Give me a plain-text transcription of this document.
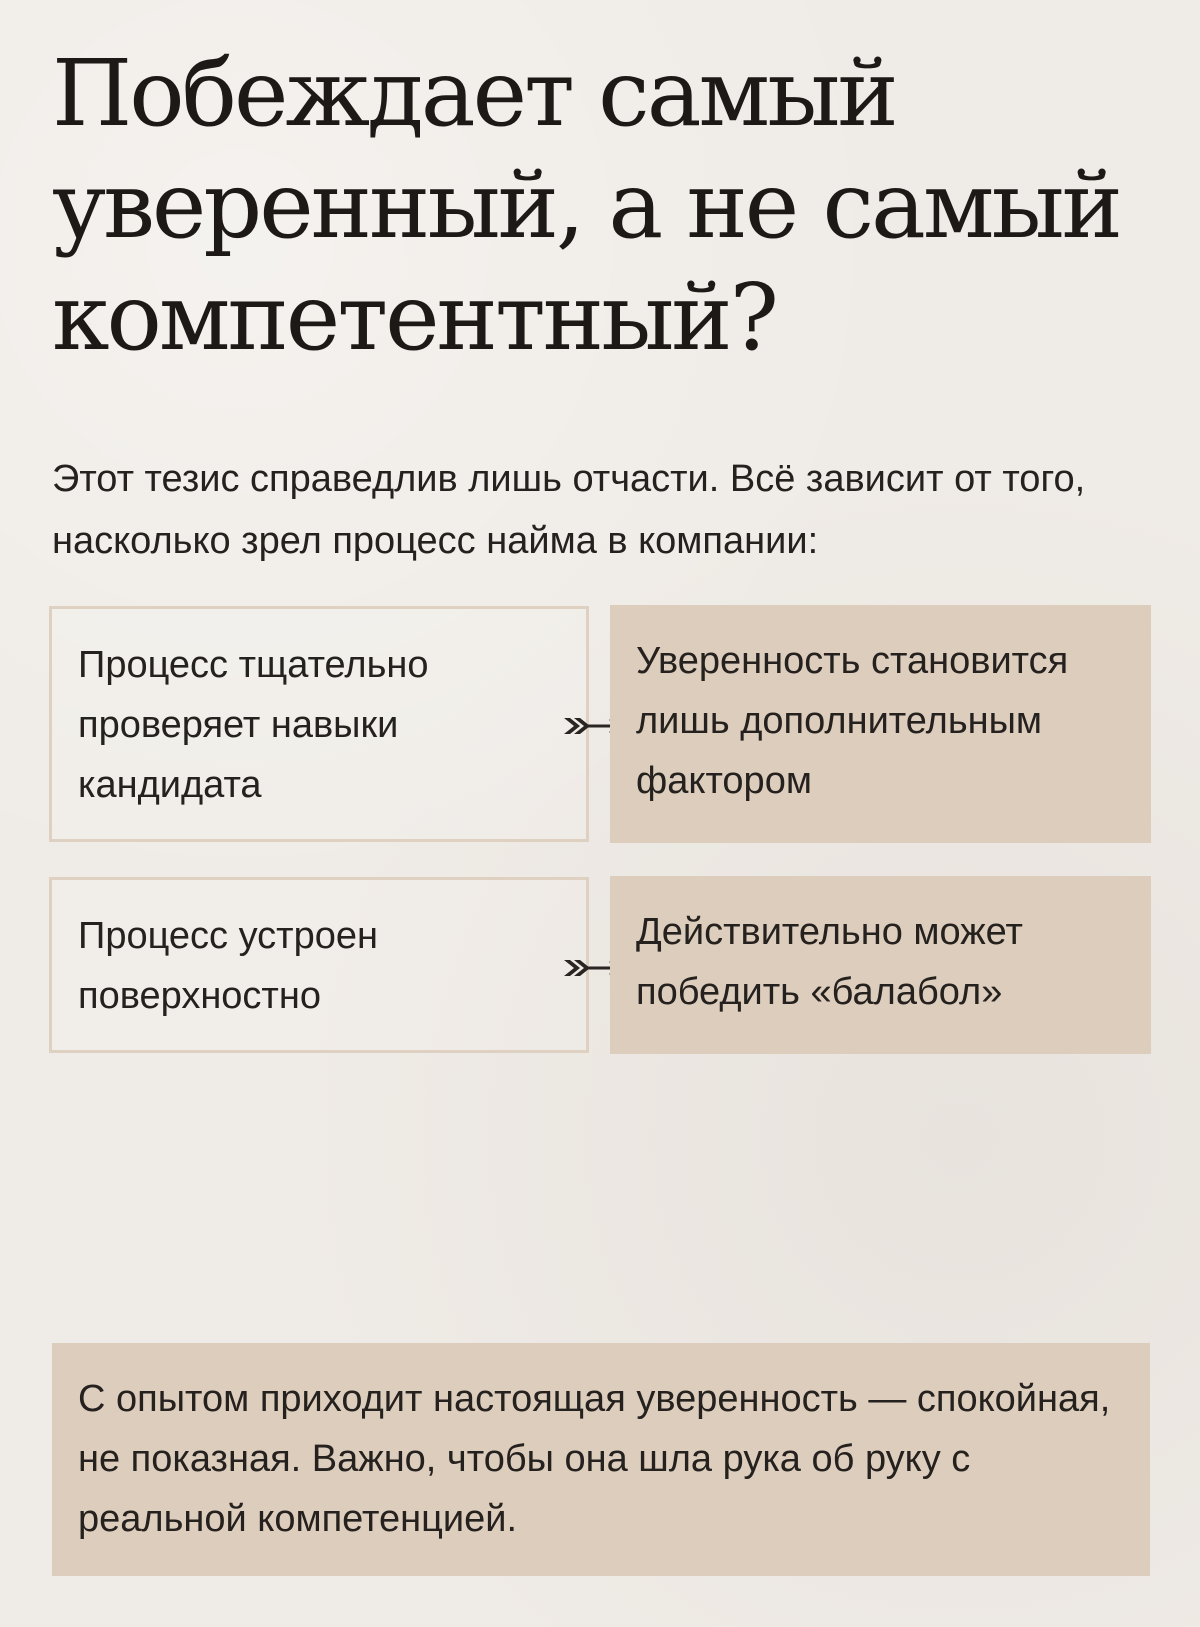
Побеждает самый уверенный, а не самый компетентный?

Этот тезис справедлив лишь отчасти. Всё зависит от того, насколько зрел процесс найма в компании:

Процесс тщательно проверяет навыки кандидата
Уверенность становится лишь дополнительным фактором
Процесс устроен поверхностно
Действительно может победить «балабол»
С опытом приходит настоящая уверенность — спокойная, не показная. Важно, чтобы она шла рука об руку с реальной компетенцией.
